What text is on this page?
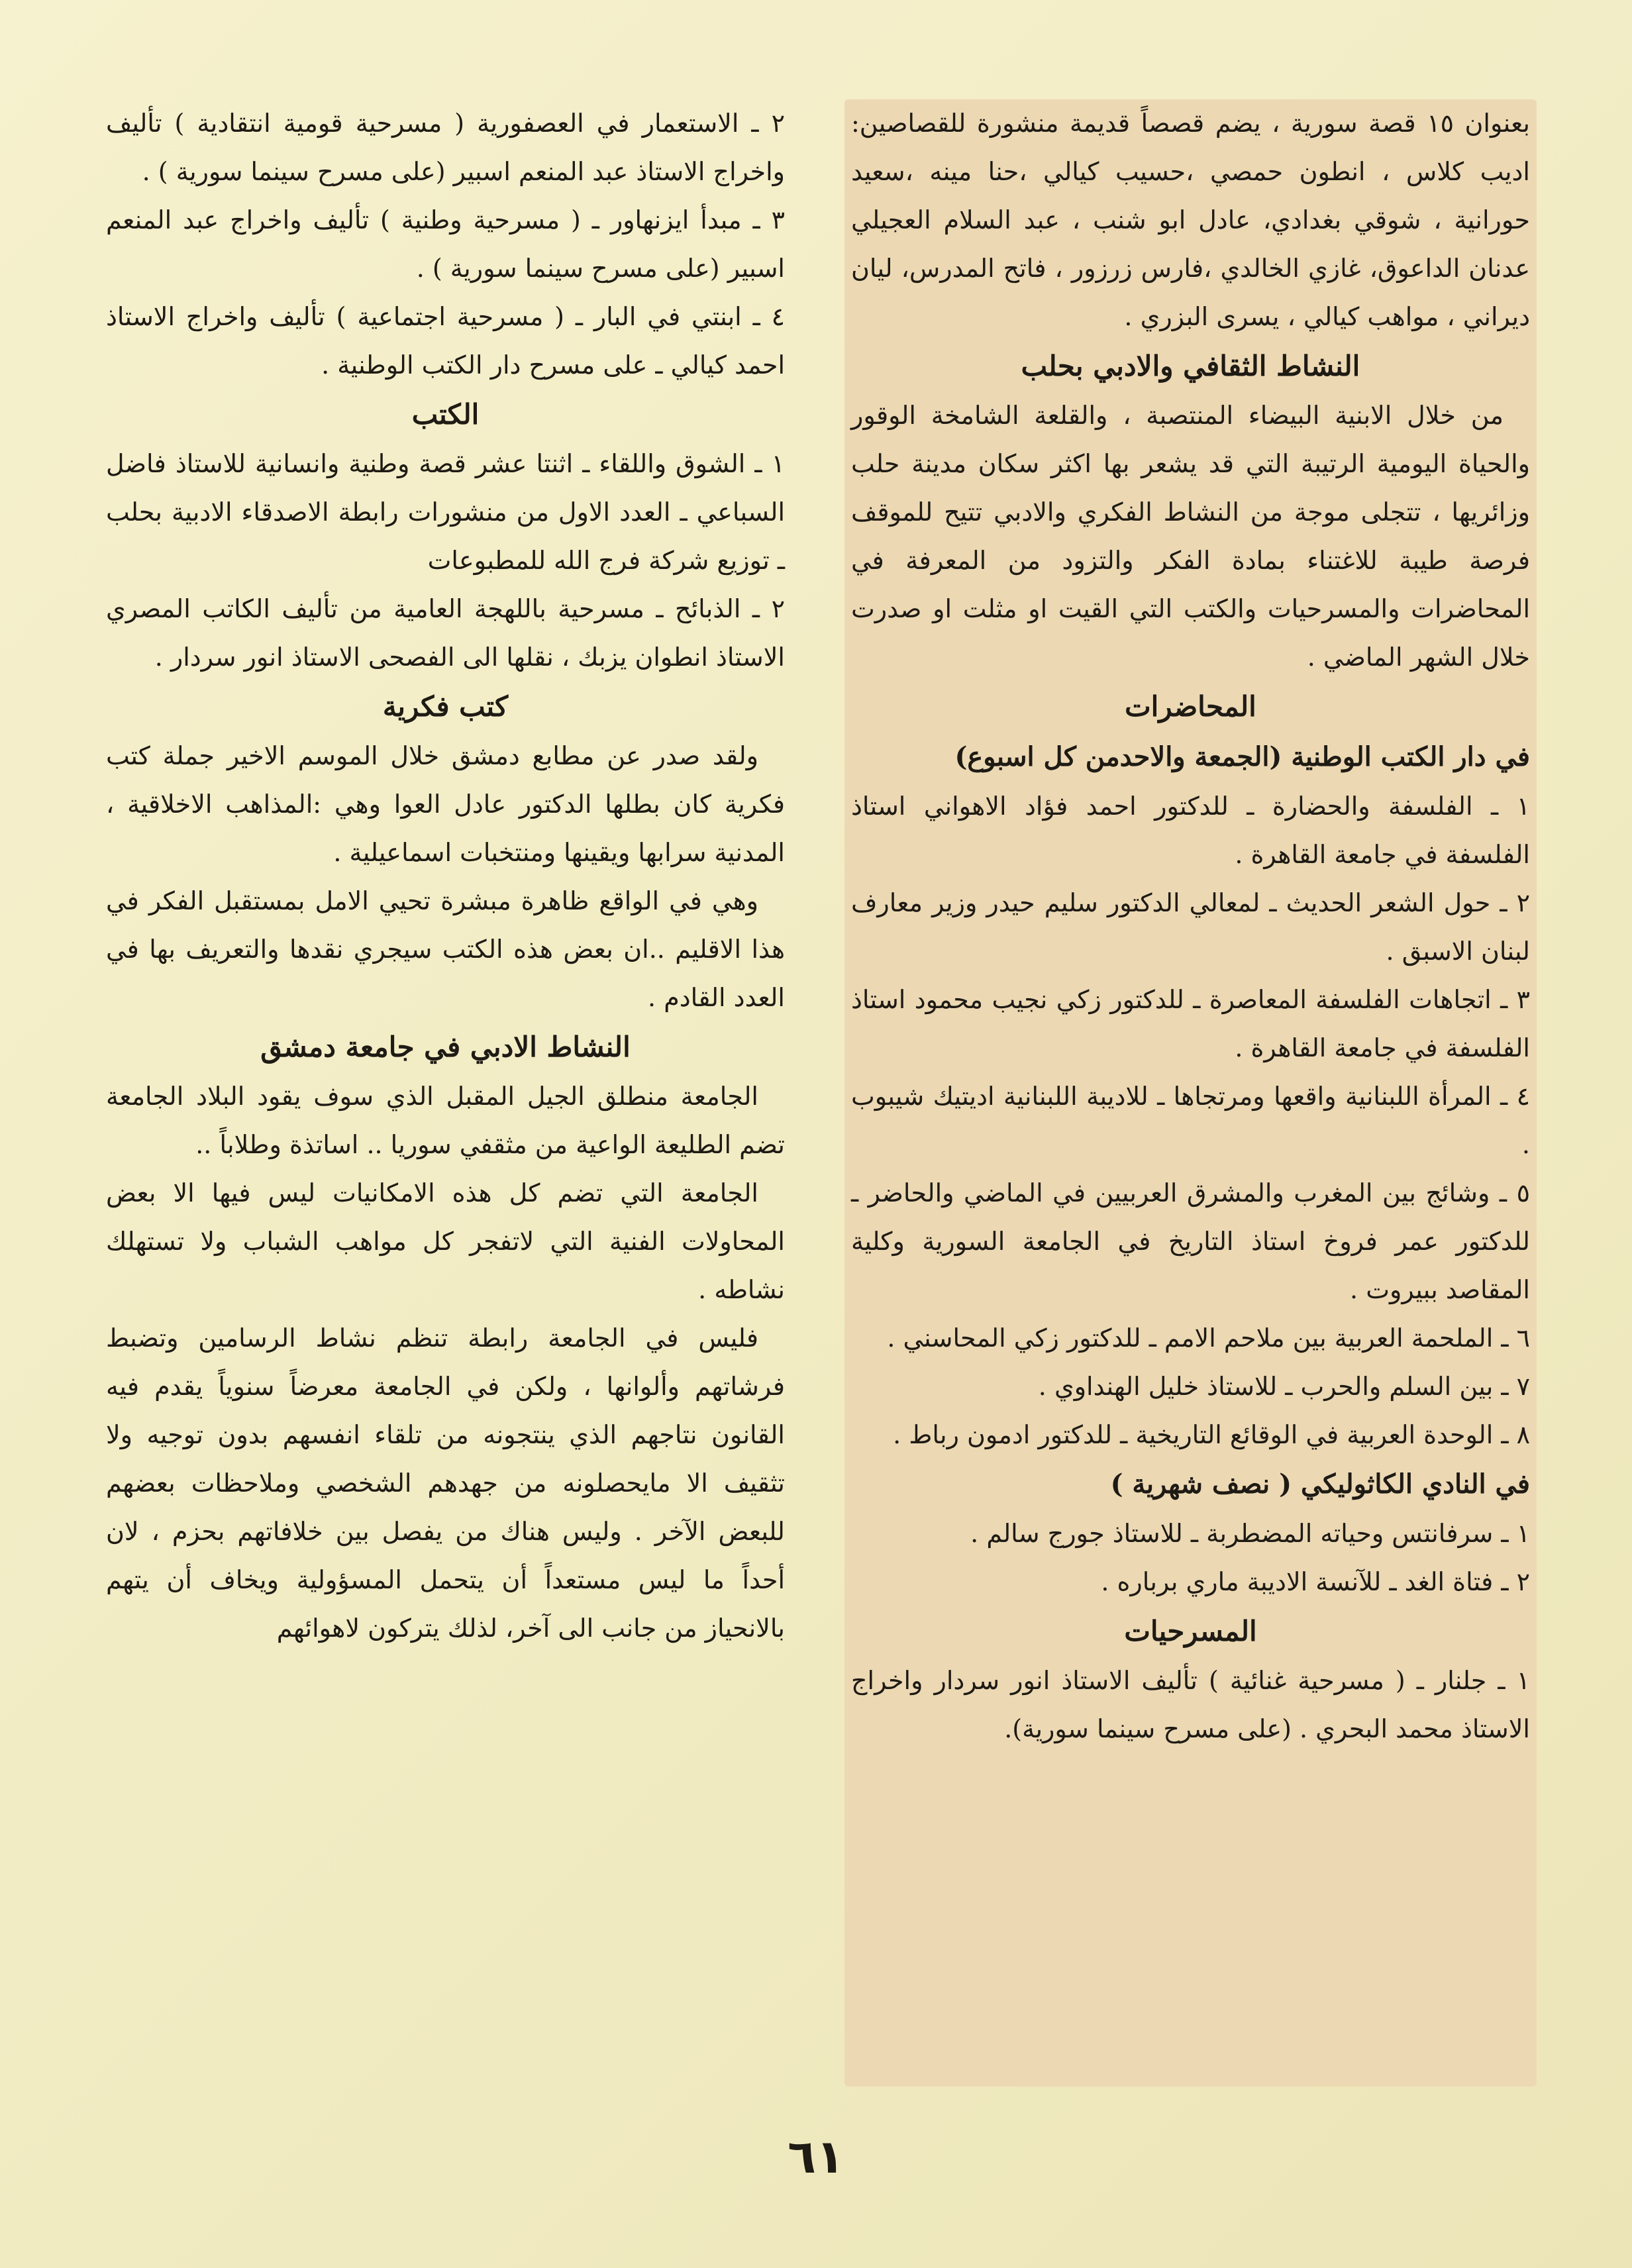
بعنوان ١٥ قصة سورية ، يضم قصصاً قديمة منشورة للقصاصين: اديب كلاس ، انطون حمصي ،حسيب كيالي ،حنا مينه ،سعيد حورانية ، شوقي بغدادي، عادل ابو شنب ، عبد السلام العجيلي عدنان الداعوق، غازي الخالدي ،فارس زرزور ، فاتح المدرس، ليان ديراني ، مواهب كيالي ، يسرى البزري .

النشاط الثقافي والادبي بحلب

من خلال الابنية البيضاء المنتصبة ، والقلعة الشامخة الوقور والحياة اليومية الرتيبة التي قد يشعر بها اكثر سكان مدينة حلب وزائريها ، تتجلى موجة من النشاط الفكري والادبي تتيح للموقف فرصة طيبة للاغتناء بمادة الفكر والتزود من المعرفة في المحاضرات والمسرحيات والكتب التي القيت او مثلت او صدرت خلال الشهر الماضي .

المحاضرات

في دار الكتب الوطنية (الجمعة والاحدمن كل اسبوع)

١ ـ الفلسفة والحضارة ـ للدكتور احمد فؤاد الاهواني استاذ الفلسفة في جامعة القاهرة .

٢ ـ حول الشعر الحديث ـ لمعالي الدكتور سليم حيدر وزير معارف لبنان الاسبق .

٣ ـ اتجاهات الفلسفة المعاصرة ـ للدكتور زكي نجيب محمود استاذ الفلسفة في جامعة القاهرة .

٤ ـ المرأة اللبنانية واقعها ومرتجاها ـ للاديبة اللبنانية اديتيك شيبوب .

٥ ـ وشائج بين المغرب والمشرق العربيين في الماضي والحاضر ـ للدكتور عمر فروخ استاذ التاريخ في الجامعة السورية وكلية المقاصد ببيروت .

٦ ـ الملحمة العربية بين ملاحم الامم ـ للدكتور زكي المحاسني .

٧ ـ بين السلم والحرب ـ للاستاذ خليل الهنداوي .

٨ ـ الوحدة العربية في الوقائع التاريخية ـ للدكتور ادمون رباط .

في النادي الكاثوليكي ( نصف شهرية )

١ ـ سرفانتس وحياته المضطربة ـ للاستاذ جورج سالم .

٢ ـ فتاة الغد ـ للآنسة الاديبة ماري برباره .

المسرحيات

١ ـ جلنار ـ ( مسرحية غنائية ) تأليف الاستاذ انور سردار واخراج الاستاذ محمد البحري . (على مسرح سينما سورية).

٢ ـ الاستعمار في العصفورية ( مسرحية قومية انتقادية ) تأليف واخراج الاستاذ عبد المنعم اسبير (على مسرح سينما سورية ) .

٣ ـ مبدأ ايزنهاور ـ ( مسرحية وطنية ) تأليف واخراج عبد المنعم اسبير (على مسرح سينما سورية ) .

٤ ـ ابنتي في البار ـ ( مسرحية اجتماعية ) تأليف واخراج الاستاذ احمد كيالي ـ على مسرح دار الكتب الوطنية .

الكتب

١ ـ الشوق واللقاء ـ اثنتا عشر قصة وطنية وانسانية للاستاذ فاضل السباعي ـ العدد الاول من منشورات رابطة الاصدقاء الادبية بحلب ـ توزيع شركة فرج الله للمطبوعات

٢ ـ الذبائح ـ مسرحية باللهجة العامية من تأليف الكاتب المصري الاستاذ انطوان يزبك ، نقلها الى الفصحى الاستاذ انور سردار .

كتب فكرية

ولقد صدر عن مطابع دمشق خلال الموسم الاخير جملة كتب فكرية كان بطلها الدكتور عادل العوا وهي :المذاهب الاخلاقية ، المدنية سرابها ويقينها ومنتخبات اسماعيلية .

وهي في الواقع ظاهرة مبشرة تحيي الامل بمستقبل الفكر في هذا الاقليم ..ان بعض هذه الكتب سيجري نقدها والتعريف بها في العدد القادم .

النشاط الادبي في جامعة دمشق

الجامعة منطلق الجيل المقبل الذي سوف يقود البلاد الجامعة تضم الطليعة الواعية من مثقفي سوريا .. اساتذة وطلاباً ..

الجامعة التي تضم كل هذه الامكانيات ليس فيها الا بعض المحاولات الفنية التي لاتفجر كل مواهب الشباب ولا تستهلك نشاطه .

فليس في الجامعة رابطة تنظم نشاط الرسامين وتضبط فرشاتهم وألوانها ، ولكن في الجامعة معرضاً سنوياً يقدم فيه القانون نتاجهم الذي ينتجونه من تلقاء انفسهم بدون توجيه ولا تثقيف الا مايحصلونه من جهدهم الشخصي وملاحظات بعضهم للبعض الآخر . وليس هناك من يفصل بين خلافاتهم بحزم ، لان أحداً ما ليس مستعداً أن يتحمل المسؤولية ويخاف أن يتهم بالانحياز من جانب الى آخر، لذلك يتركون لاهوائهم

٦١
